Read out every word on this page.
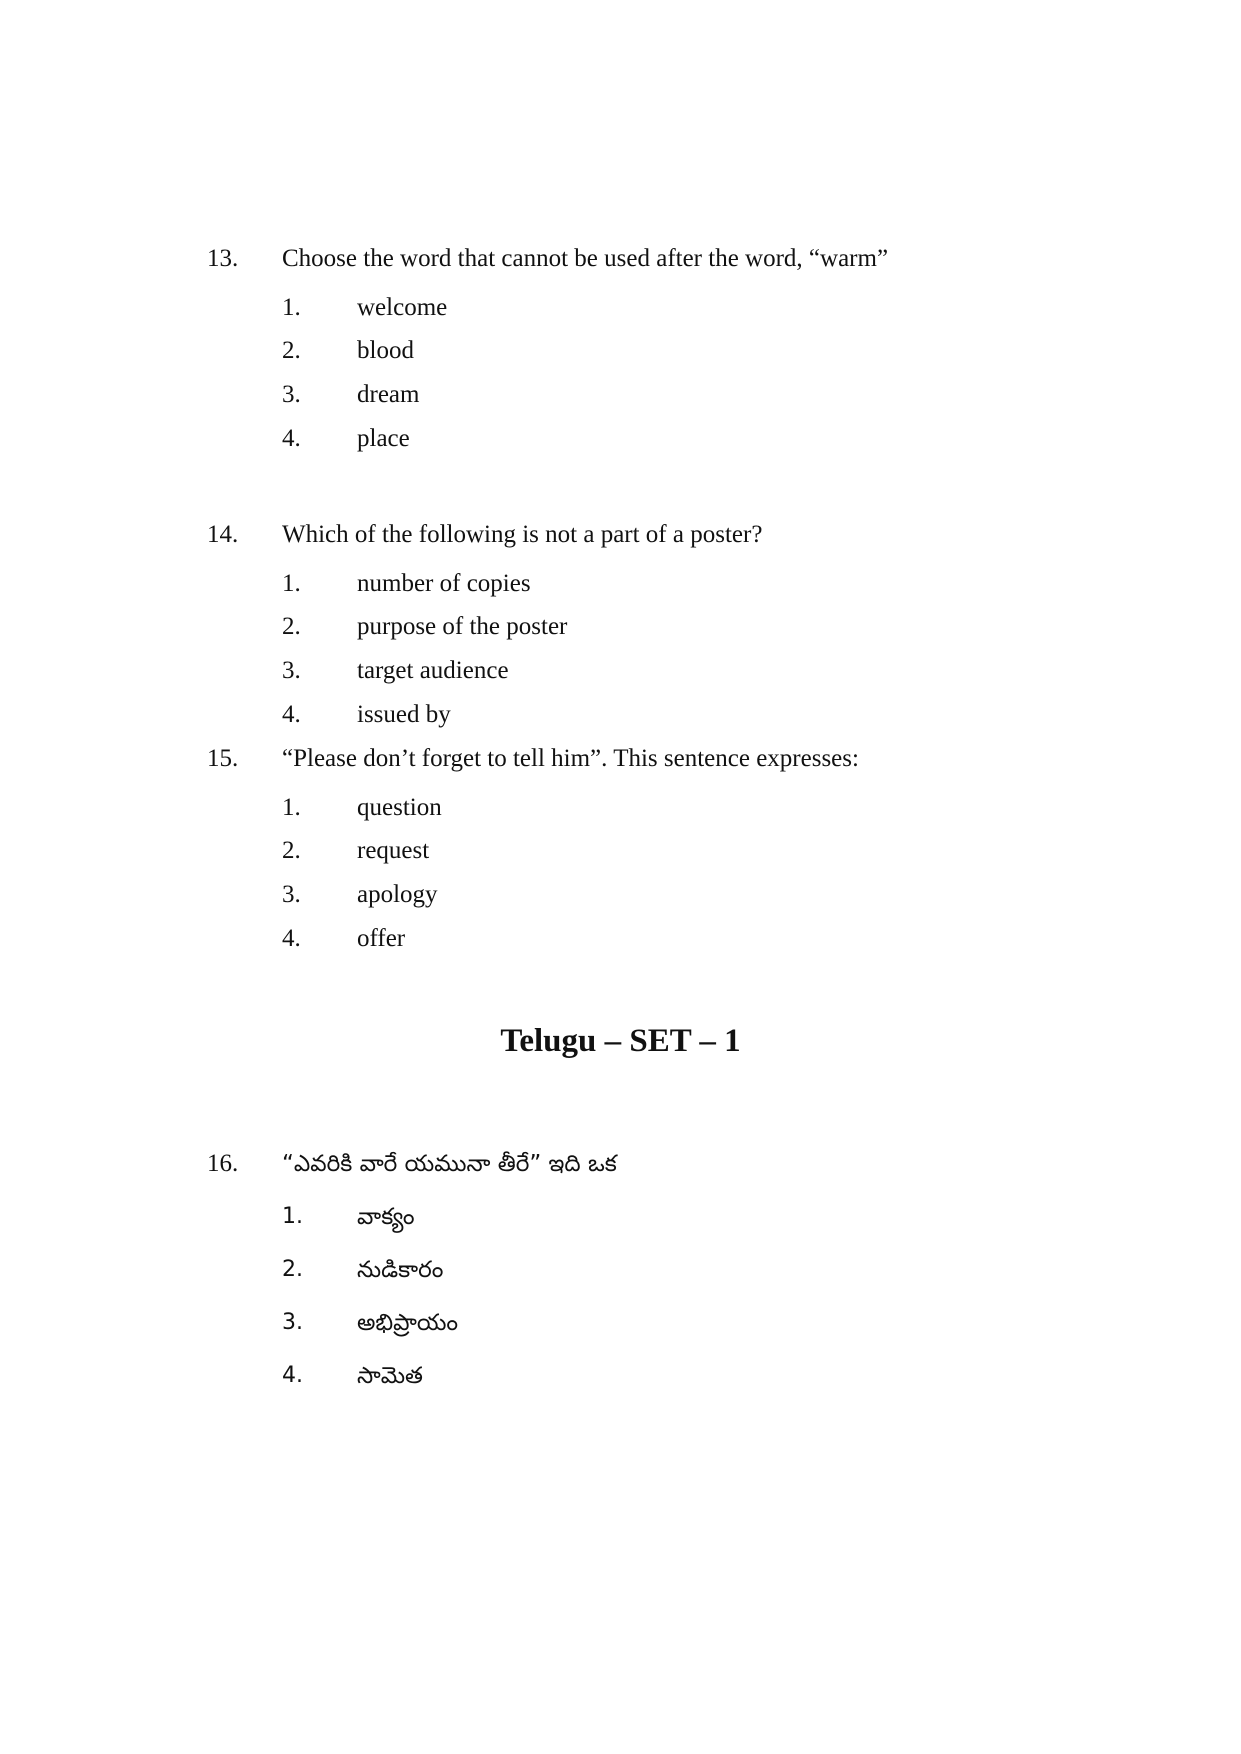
13. Choose the word that cannot be used after the word, “warm”
1. welcome
2. blood
3. dream
4. place
14. Which of the following is not a part of a poster?
1. number of copies
2. purpose of the poster
3. target audience
4. issued by
15. “Please don’t forget to tell him”. This sentence expresses:
1. question
2. request
3. apology
4. offer
Telugu – SET – 1
16. “ఎవరికి వారే యమునా తీరే” ఇది ఒక
1. వాక్యం
2. నుడికారం
3. అభిప్రాయం
4. సామెత
